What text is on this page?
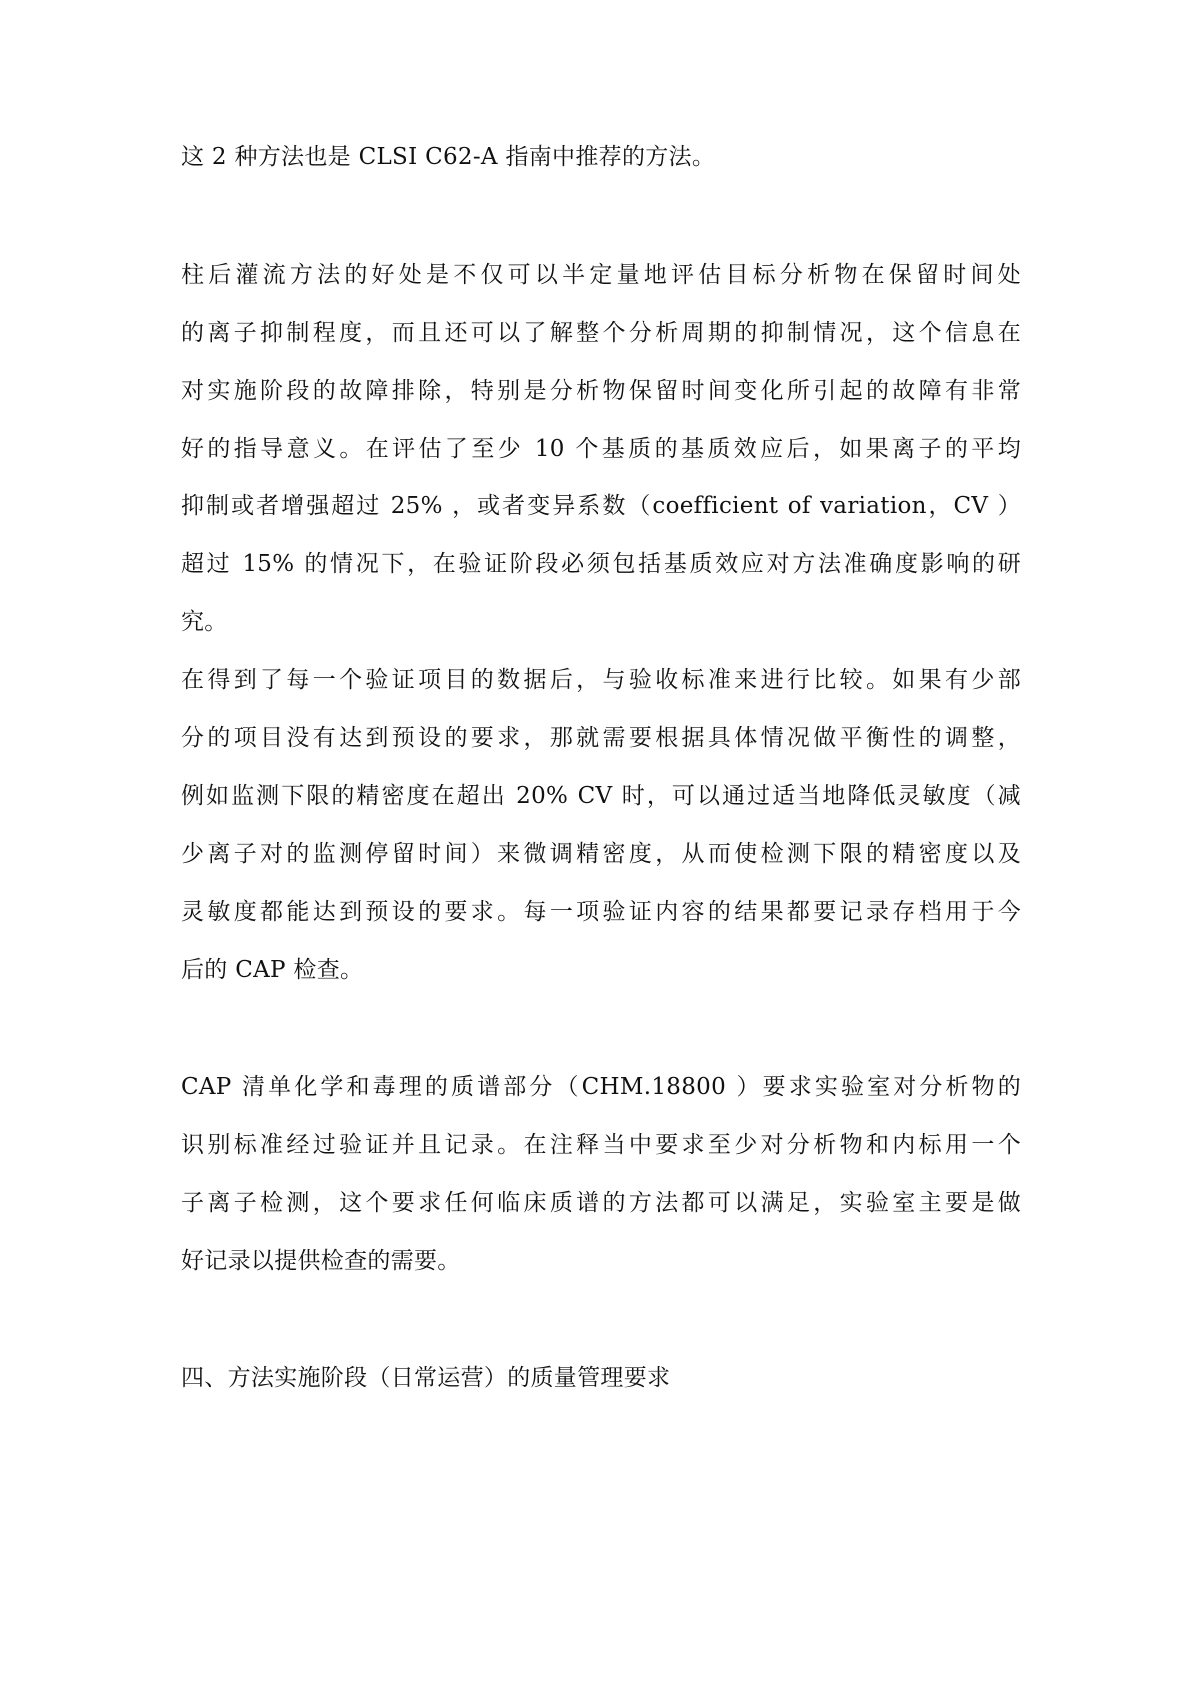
这 2 种方法也是 CLSI C62-A 指南中推荐的方法。
柱后灌流方法的好处是不仅可以半定量地评估目标分析物在保留时间处
的离子抑制程度，而且还可以了解整个分析周期的抑制情况，这个信息在
对实施阶段的故障排除，特别是分析物保留时间变化所引起的故障有非常
好的指导意义。在评估了至少 10 个基质的基质效应后，如果离子的平均
抑制或者增强超过 25% ，或者变异系数（coefficient of variation，CV ）
超过 15% 的情况下，在验证阶段必须包括基质效应对方法准确度影响的研
究。
在得到了每一个验证项目的数据后，与验收标准来进行比较。如果有少部
分的项目没有达到预设的要求，那就需要根据具体情况做平衡性的调整，
例如监测下限的精密度在超出 20% CV 时，可以通过适当地降低灵敏度（减
少离子对的监测停留时间）来微调精密度，从而使检测下限的精密度以及
灵敏度都能达到预设的要求。每一项验证内容的结果都要记录存档用于今
后的 CAP 检查。
CAP 清单化学和毒理的质谱部分（CHM.18800 ）要求实验室对分析物的
识别标准经过验证并且记录。在注释当中要求至少对分析物和内标用一个
子离子检测，这个要求任何临床质谱的方法都可以满足，实验室主要是做
好记录以提供检查的需要。
四、方法实施阶段（日常运营）的质量管理要求
